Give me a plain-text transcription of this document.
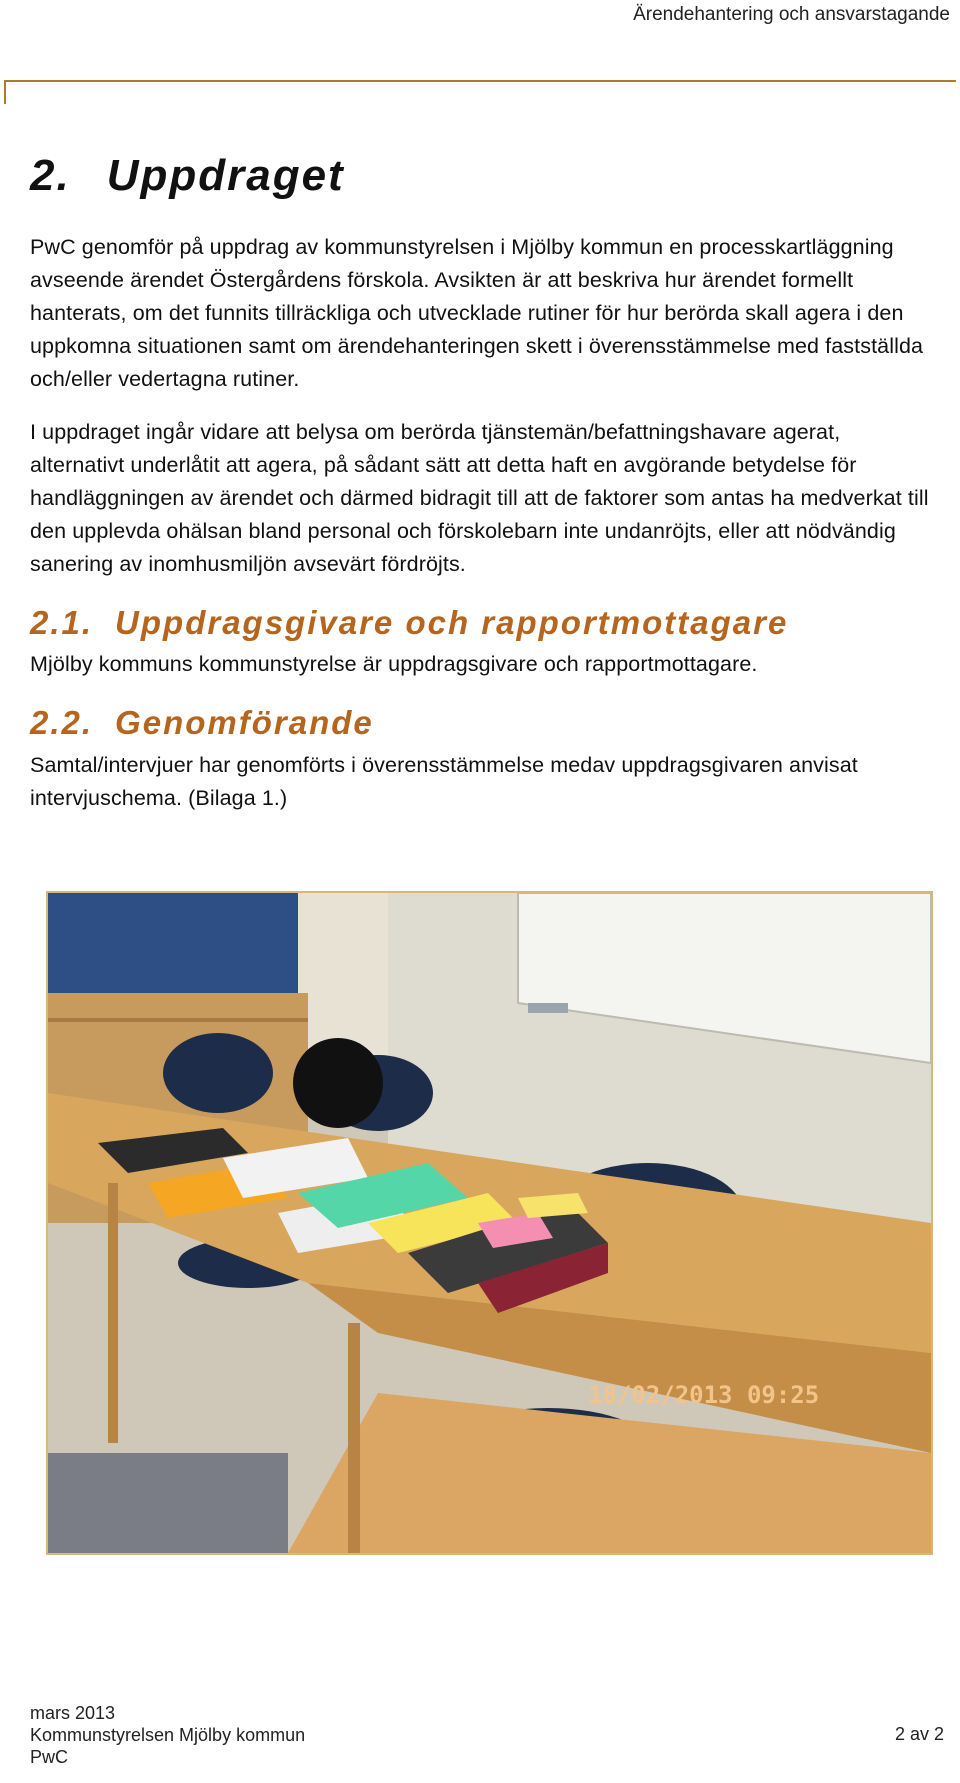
Ärendehantering och ansvarstagande
2. Uppdraget

PwC genomför på uppdrag av kommunstyrelsen i Mjölby kommun en processkartläggning avseende ärendet Östergårdens förskola. Avsikten är att beskriva hur ärendet formellt hanterats, om det funnits tillräckliga och utvecklade rutiner för hur berörda skall agera i den uppkomna situationen samt om ärendehanteringen skett i överensstämmelse med fastställda och/eller vedertagna rutiner.

I uppdraget ingår vidare att belysa om berörda tjänstemän/befattningshavare agerat, alternativt underlåtit att agera, på sådant sätt att detta haft en avgörande betydelse för handläggningen av ärendet och därmed bidragit till att de faktorer som antas ha medverkat till den upplevda ohälsan bland personal och förskolebarn inte undanröjts, eller att nödvändig sanering av inomhusmiljön avsevärt fördröjts.

2.1. Uppdragsgivare och rapportmottagare

Mjölby kommuns kommunstyrelse är uppdragsgivare och rapportmottagare.

2.2. Genomförande

Samtal/intervjuer har genomförts i överensstämmelse medav uppdragsgivaren anvisat intervjuschema. (Bilaga 1.)

18/02/2013 09:25
mars 2013
Kommunstyrelsen Mjölby kommun
PwC
2 av 2
